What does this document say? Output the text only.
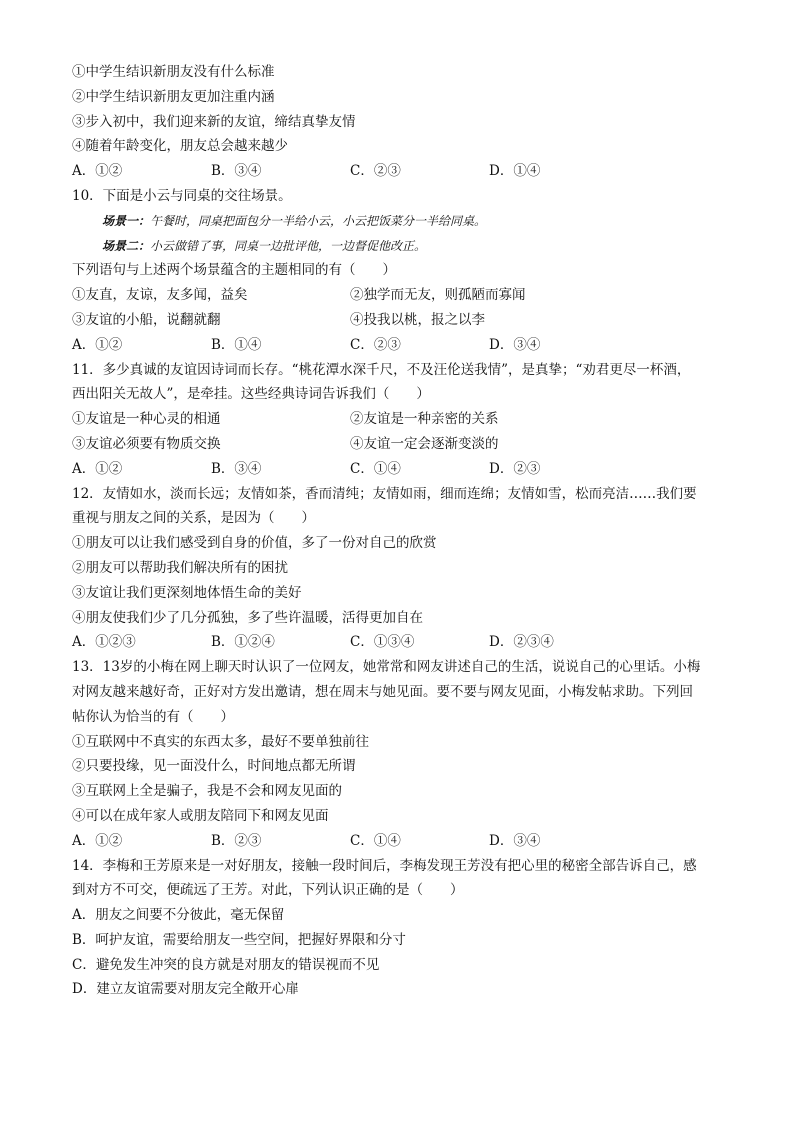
①中学生结识新朋友没有什么标准
②中学生结识新朋友更加注重内涵
③步入初中，我们迎来新的友谊，缔结真挚友情
④随着年龄变化，朋友总会越来越少
A．①②	B．③④	C．②③	D．①④
10．下面是小云与同桌的交往场景。
场景一：午餐时，同桌把面包分一半给小云，小云把饭菜分一半给同桌。
场景二：小云做错了事，同桌一边批评他，一边督促他改正。
下列语句与上述两个场景蕴含的主题相同的有（　　）
①友直，友谅，友多闻，益矣	②独学而无友，则孤陋而寡闻
③友谊的小船，说翻就翻	④投我以桃，报之以李
A．①②	B．①④	C．②③	D．③④
11．多少真诚的友谊因诗词而长存。“桃花潭水深千尺，不及汪伦送我情”，是真挚；“劝君更尽一杯酒，
西出阳关无故人”，是牵挂。这些经典诗词告诉我们（　　）
①友谊是一种心灵的相通	②友谊是一种亲密的关系
③友谊必须要有物质交换	④友谊一定会逐渐变淡的
A．①②	B．③④	C．①④	D．②③
12．友情如水，淡而长远；友情如茶，香而清纯；友情如雨，细而连绵；友情如雪，松而亮洁……我们要
重视与朋友之间的关系，是因为（　　）
①朋友可以让我们感受到自身的价值，多了一份对自己的欣赏
②朋友可以帮助我们解决所有的困扰
③友谊让我们更深刻地体悟生命的美好
④朋友使我们少了几分孤独，多了些许温暖，活得更加自在
A．①②③	B．①②④	C．①③④	D．②③④
13．13岁的小梅在网上聊天时认识了一位网友，她常常和网友讲述自己的生活，说说自己的心里话。小梅
对网友越来越好奇，正好对方发出邀请，想在周末与她见面。要不要与网友见面，小梅发帖求助。下列回
帖你认为恰当的有（　　）
①互联网中不真实的东西太多，最好不要单独前往
②只要投缘，见一面没什么，时间地点都无所谓
③互联网上全是骗子，我是不会和网友见面的
④可以在成年家人或朋友陪同下和网友见面
A．①②	B．②③	C．①④	D．③④
14．李梅和王芳原来是一对好朋友，接触一段时间后，李梅发现王芳没有把心里的秘密全部告诉自己，感
到对方不可交，便疏远了王芳。对此，下列认识正确的是（　　）
A．朋友之间要不分彼此，毫无保留
B．呵护友谊，需要给朋友一些空间，把握好界限和分寸
C．避免发生冲突的良方就是对朋友的错误视而不见
D．建立友谊需要对朋友完全敞开心扉
